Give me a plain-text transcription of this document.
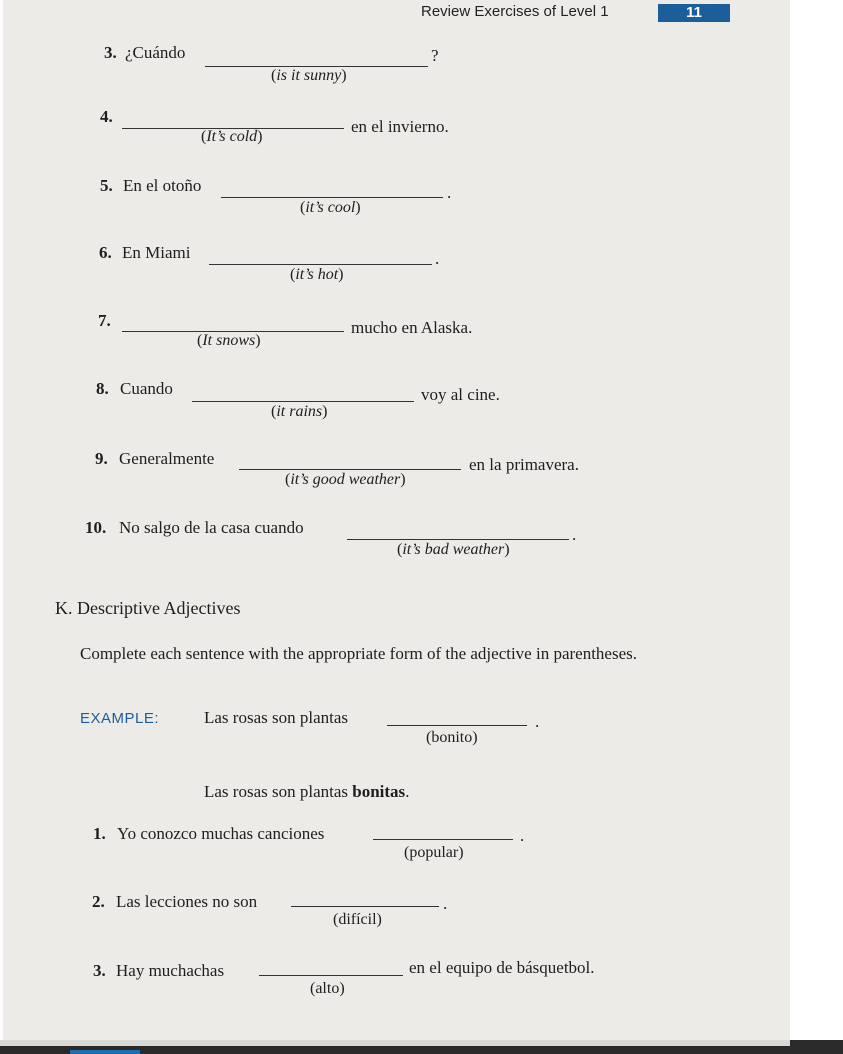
Review Exercises of Level 1	11
3. ¿Cuándo	?
(is it sunny)
4.
en el invierno.
(It’s cold)
5. En el otoño	.
(it’s cool)
6. En Miami	.
(it’s hot)
7.	mucho en Alaska.
(It snows)
8. Cuando	voy al cine.
(it rains)
9. Generalmente	en la primavera.
(it’s good weather)
10. No salgo de la casa cuando	.
(it’s bad weather)
K. Descriptive Adjectives
Complete each sentence with the appropriate form of the adjective in parentheses.
EXAMPLE:	Las rosas son plantas	.
(bonito)
Las rosas son plantas bonitas.
1. Yo conozco muchas canciones	.
(popular)
2. Las lecciones no son	.
(difícil)
3. Hay muchachas	en el equipo de básquetbol.
(alto)
